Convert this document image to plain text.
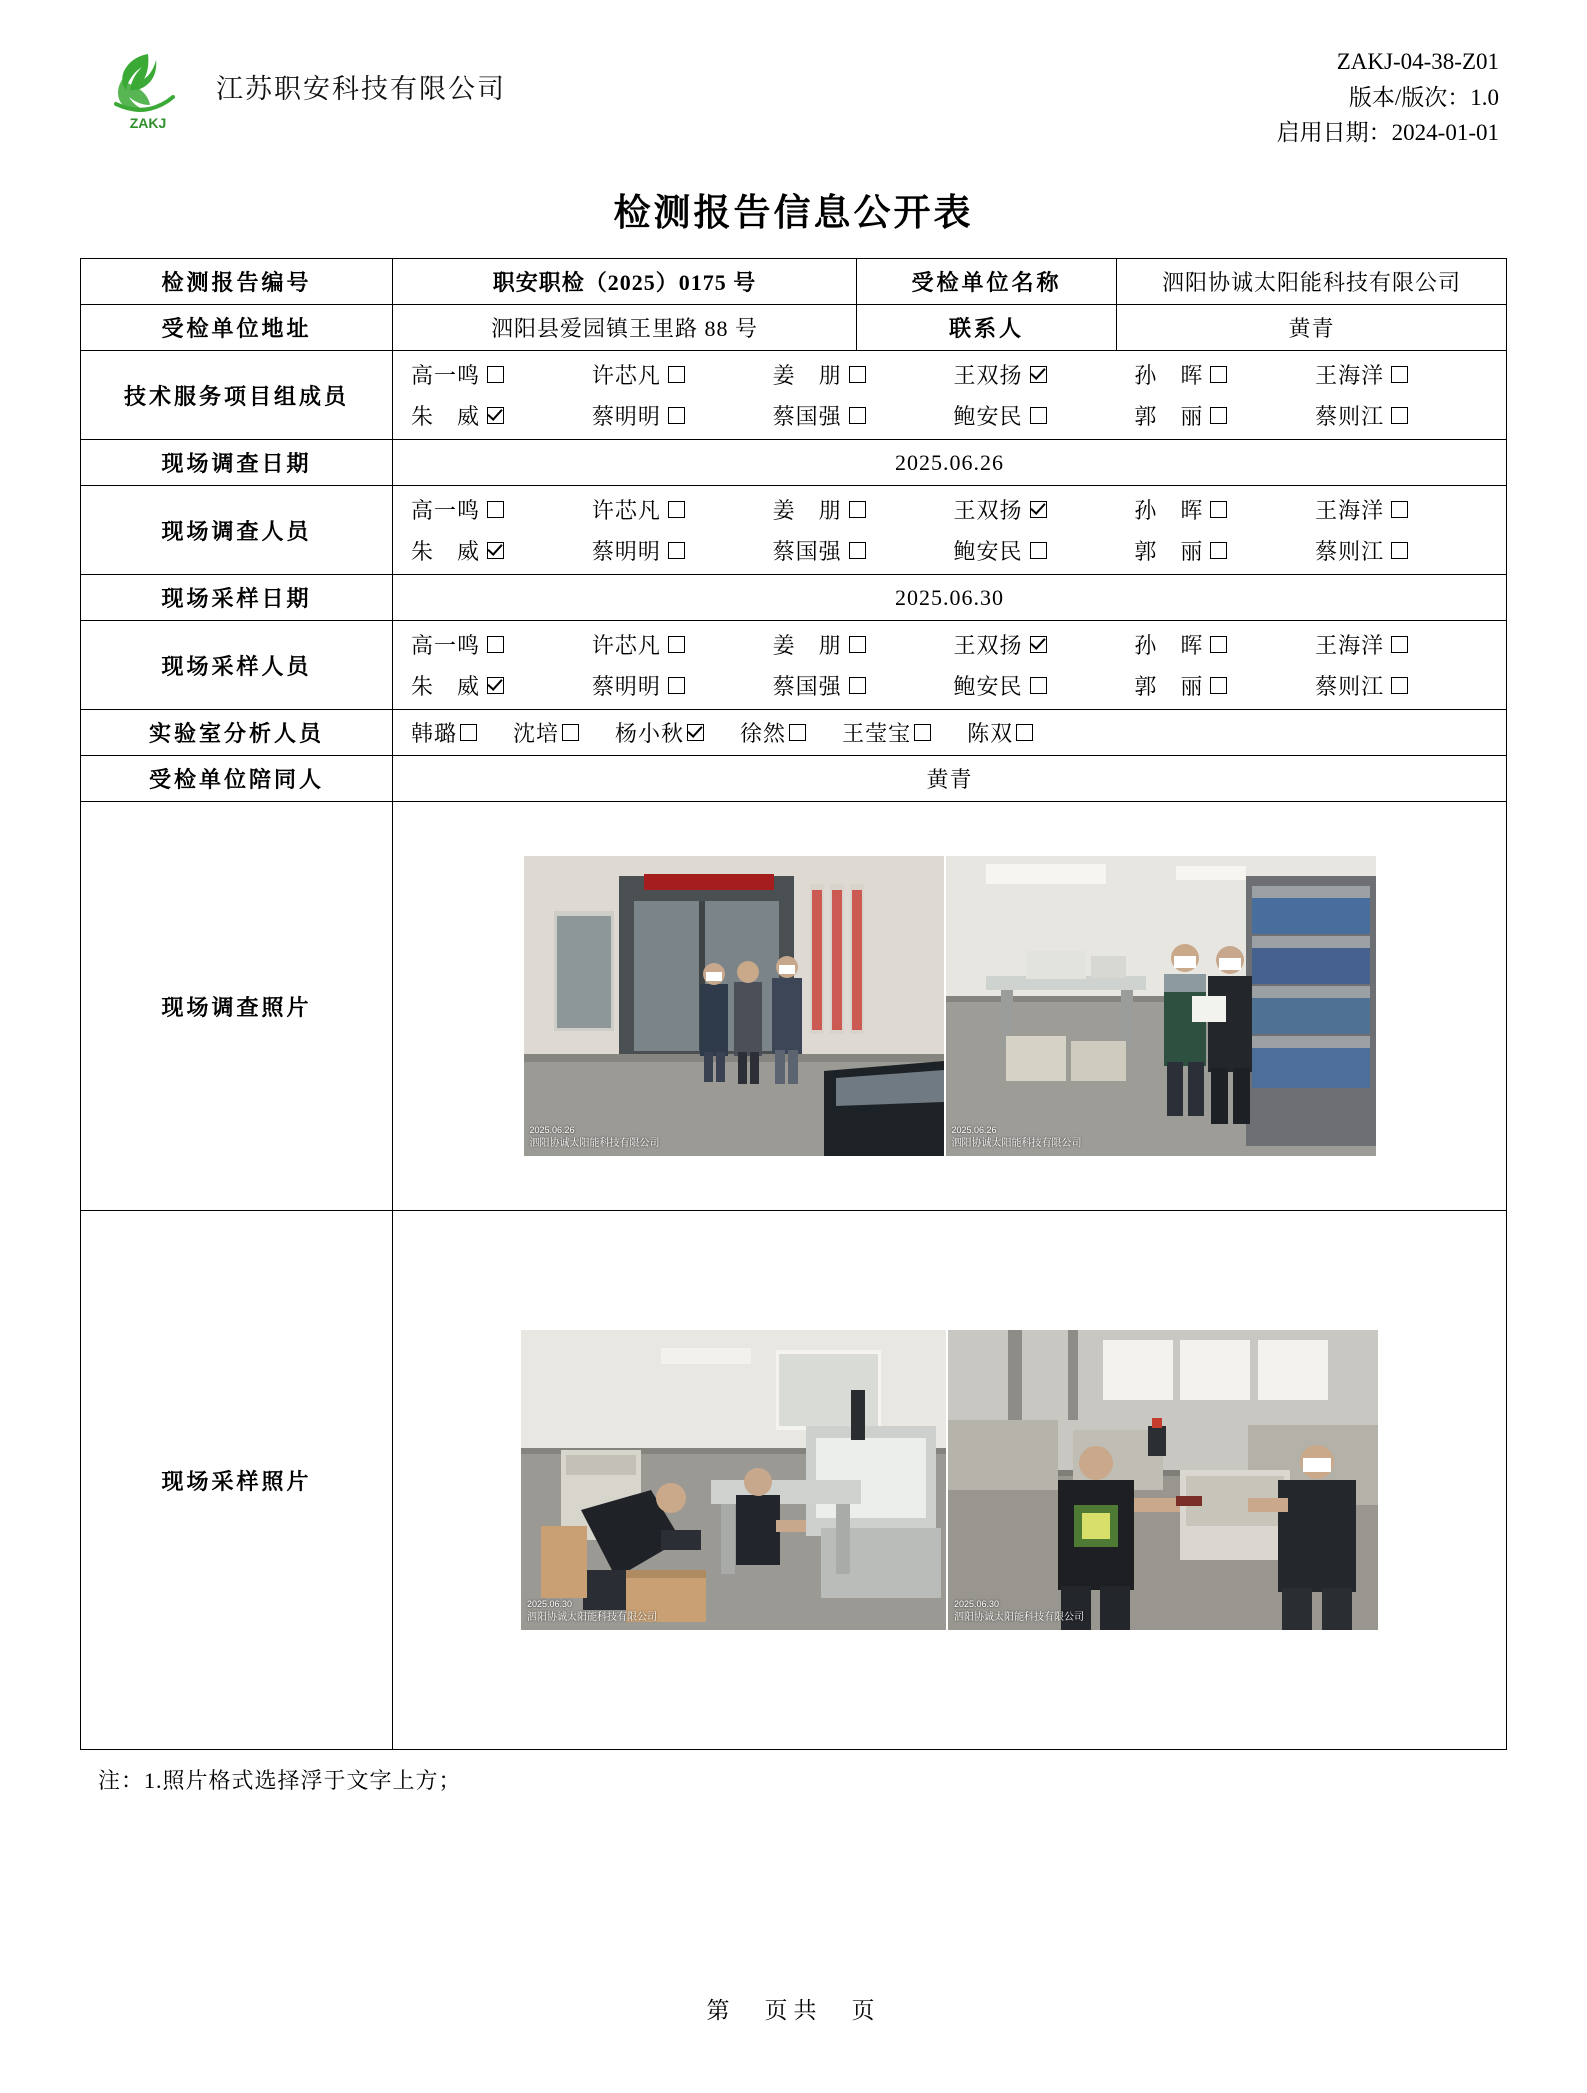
ZAKJ
江苏职安科技有限公司
ZAKJ-04-38-Z01
版本/版次：1.0
启用日期：2024-01-01
检测报告信息公开表
检测报告编号	职安职检（2025）0175 号	受检单位名称	泗阳协诚太阳能科技有限公司
受检单位地址	泗阳县爱园镇王里路 88 号	联系人	黄青
技术服务项目组成员	
高一鸣	许芯凡	姜　朋	王双扬	孙　晖	王海洋
朱　威	蔡明明	蔡国强	鲍安民	郭　丽	蔡则江

现场调查日期	2025.06.26		
现场调查人员	
高一鸣	许芯凡	姜　朋	王双扬	孙　晖	王海洋
朱　威	蔡明明	蔡国强	鲍安民	郭　丽	蔡则江

现场采样日期	2025.06.30		
现场采样人员	
高一鸣	许芯凡	姜　朋	王双扬	孙　晖	王海洋
朱　威	蔡明明	蔡国强	鲍安民	郭　丽	蔡则江

实验室分析人员	韩璐 沈培 杨小秋 徐然 王莹宝 陈双		

受检单位陪同人	黄青		
现场调查照片	2025.06.26
泗阳协诚太阳能科技有限公司
2025.06.26
泗阳协诚太阳能科技有限公司		

现场采样照片	2025.06.30
泗阳协诚太阳能科技有限公司
2025.06.30
泗阳协诚太阳能科技有限公司		
注：1.照片格式选择浮于文字上方；
第　页共　页
